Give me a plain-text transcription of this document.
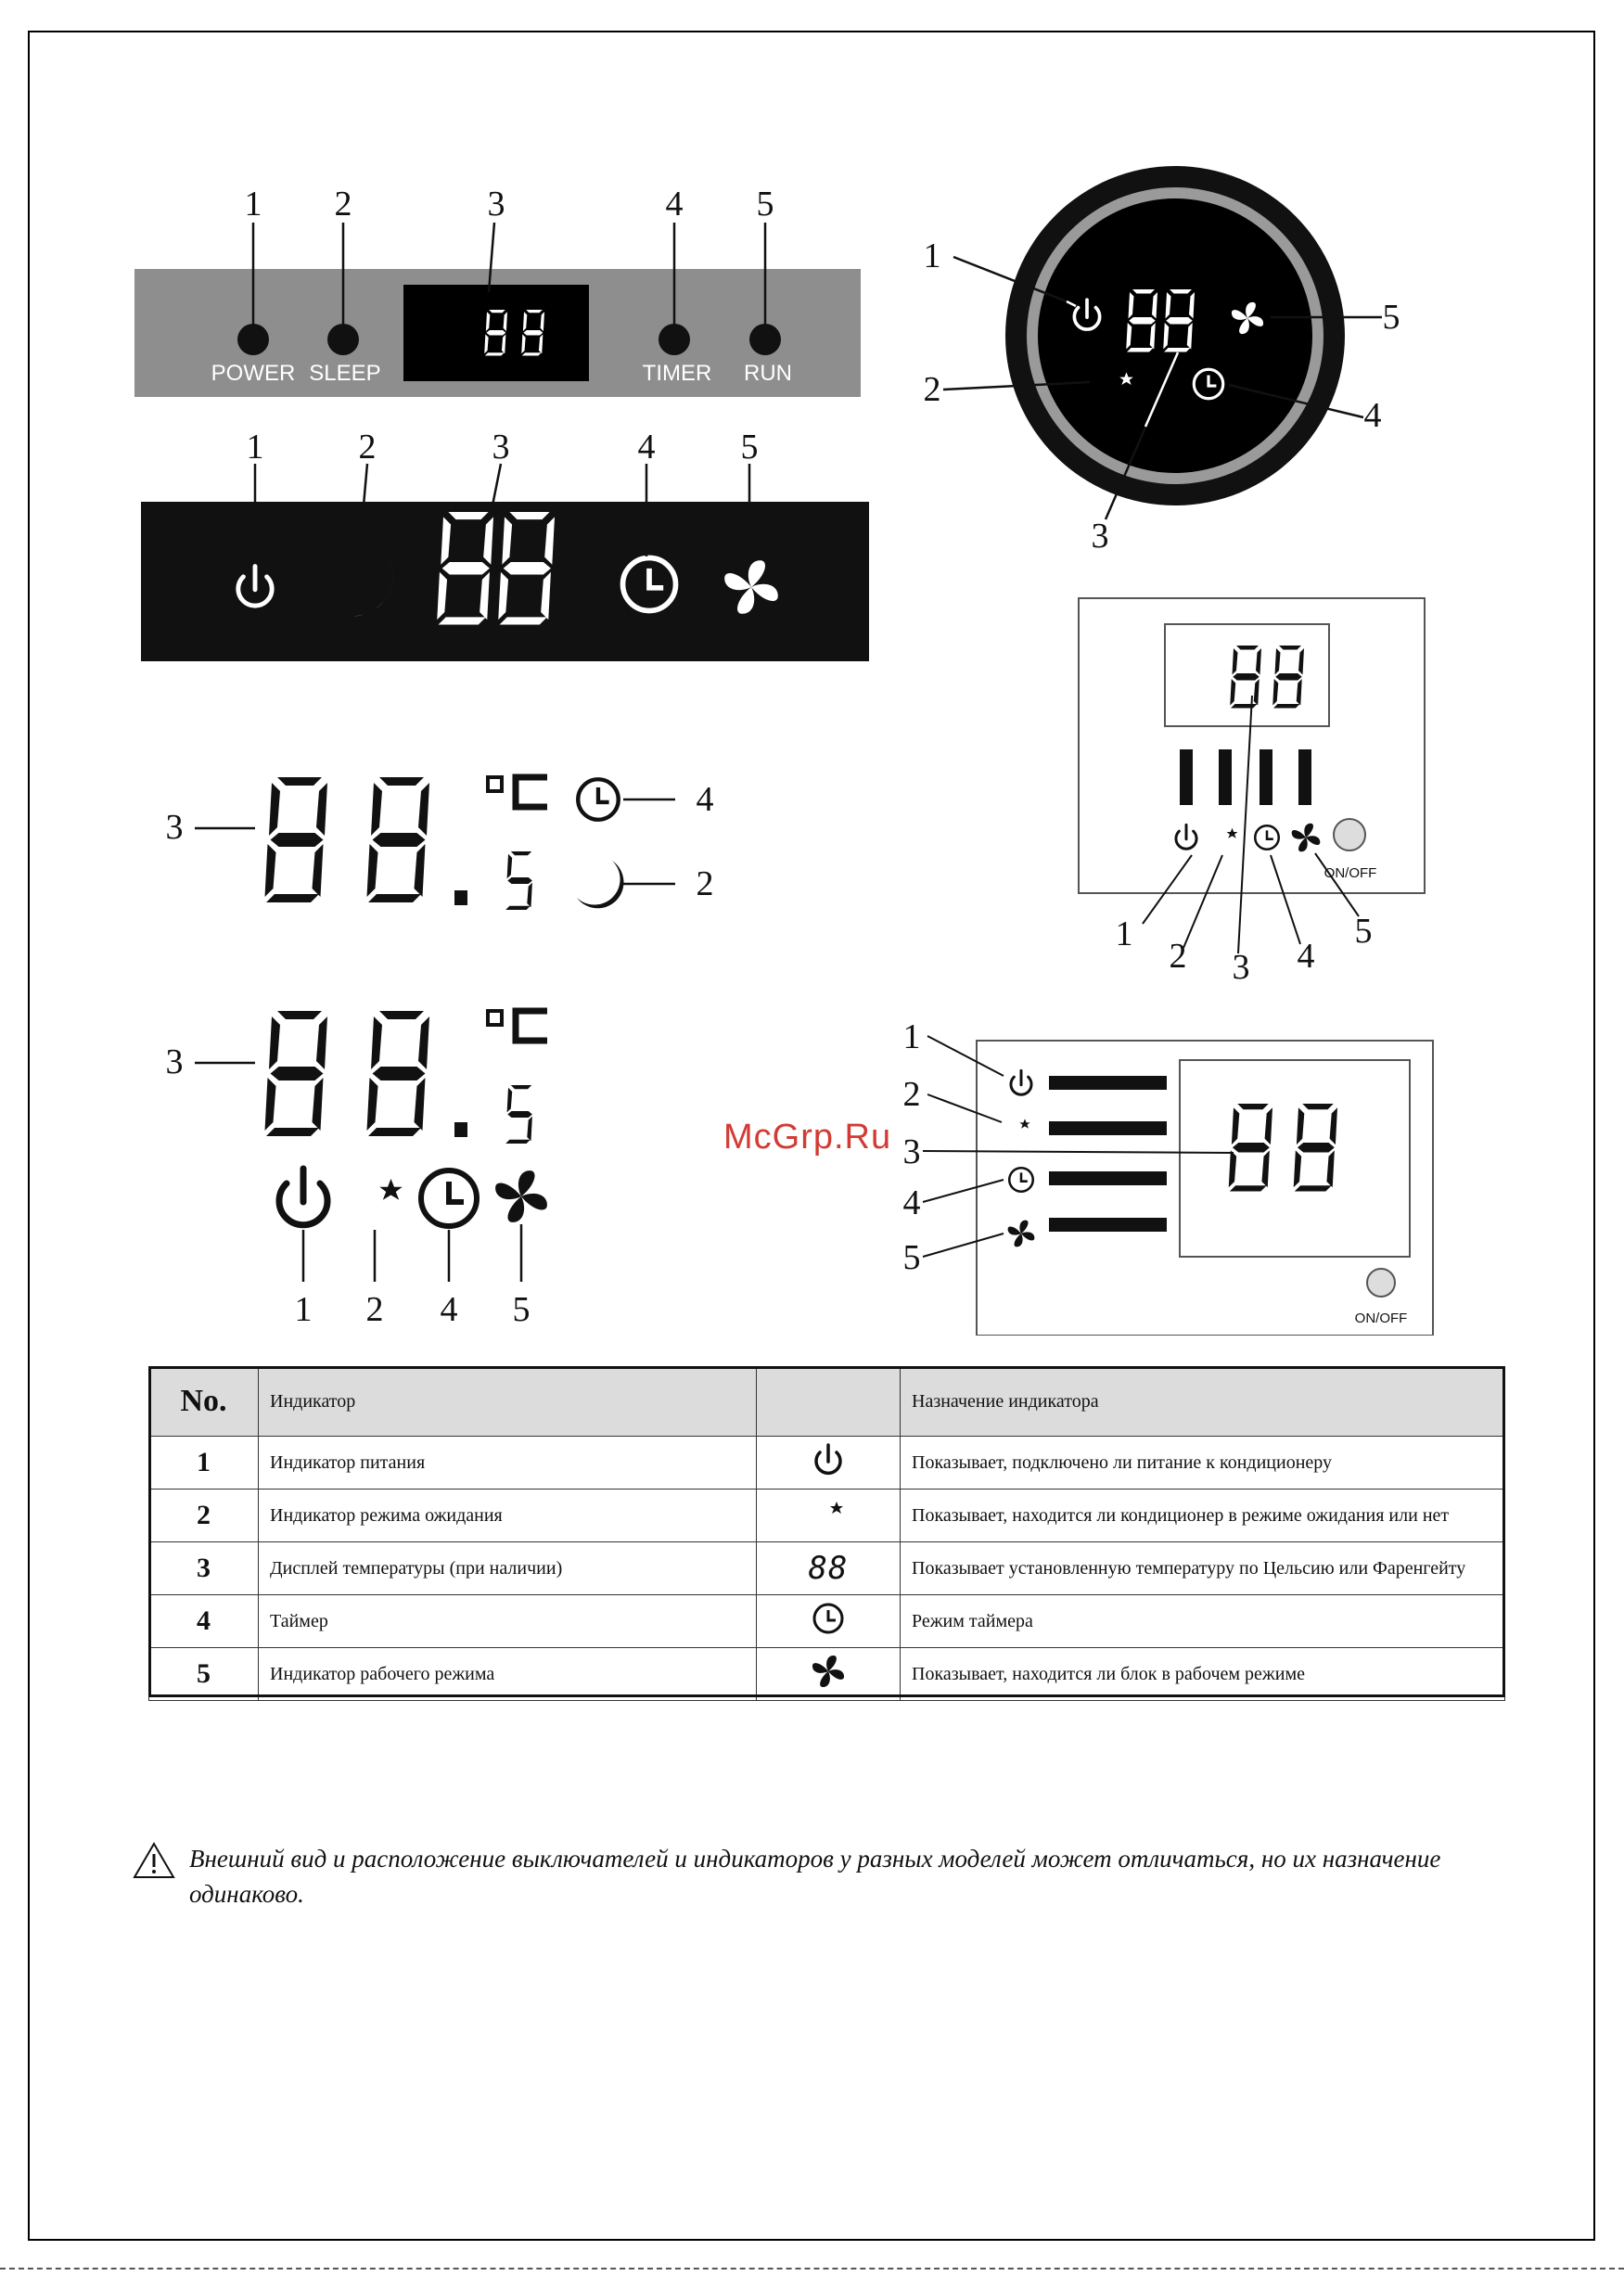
POWER SLEEP	TIMER RUN
1 2	3	4 5
1	2	3	4 5
1
2
3
4
5
ON/OFF
1
2 3 4
5
3
4
2
3
1 2 4 5	ON/OFF
1
2
3
4
5
McGrp.Ru
No.	Индикатор		Назначение индикатора
1	Индикатор питания		Показывает, подключено ли питание к кондиционеру
2	Индикатор режима ожидания		Показывает, находится ли кондиционер в режиме ожидания или нет
3	Дисплей температуры (при наличии)	88	Показывает установленную температуру по Цельсию или Фаренгейту
4	Таймер		Режим таймера
5	Индикатор рабочего режима		Показывает, находится ли блок в рабочем режиме
Внешний вид и расположение выключателей и индикаторов у разных моделей может отличаться, но их назначение одинаково.
